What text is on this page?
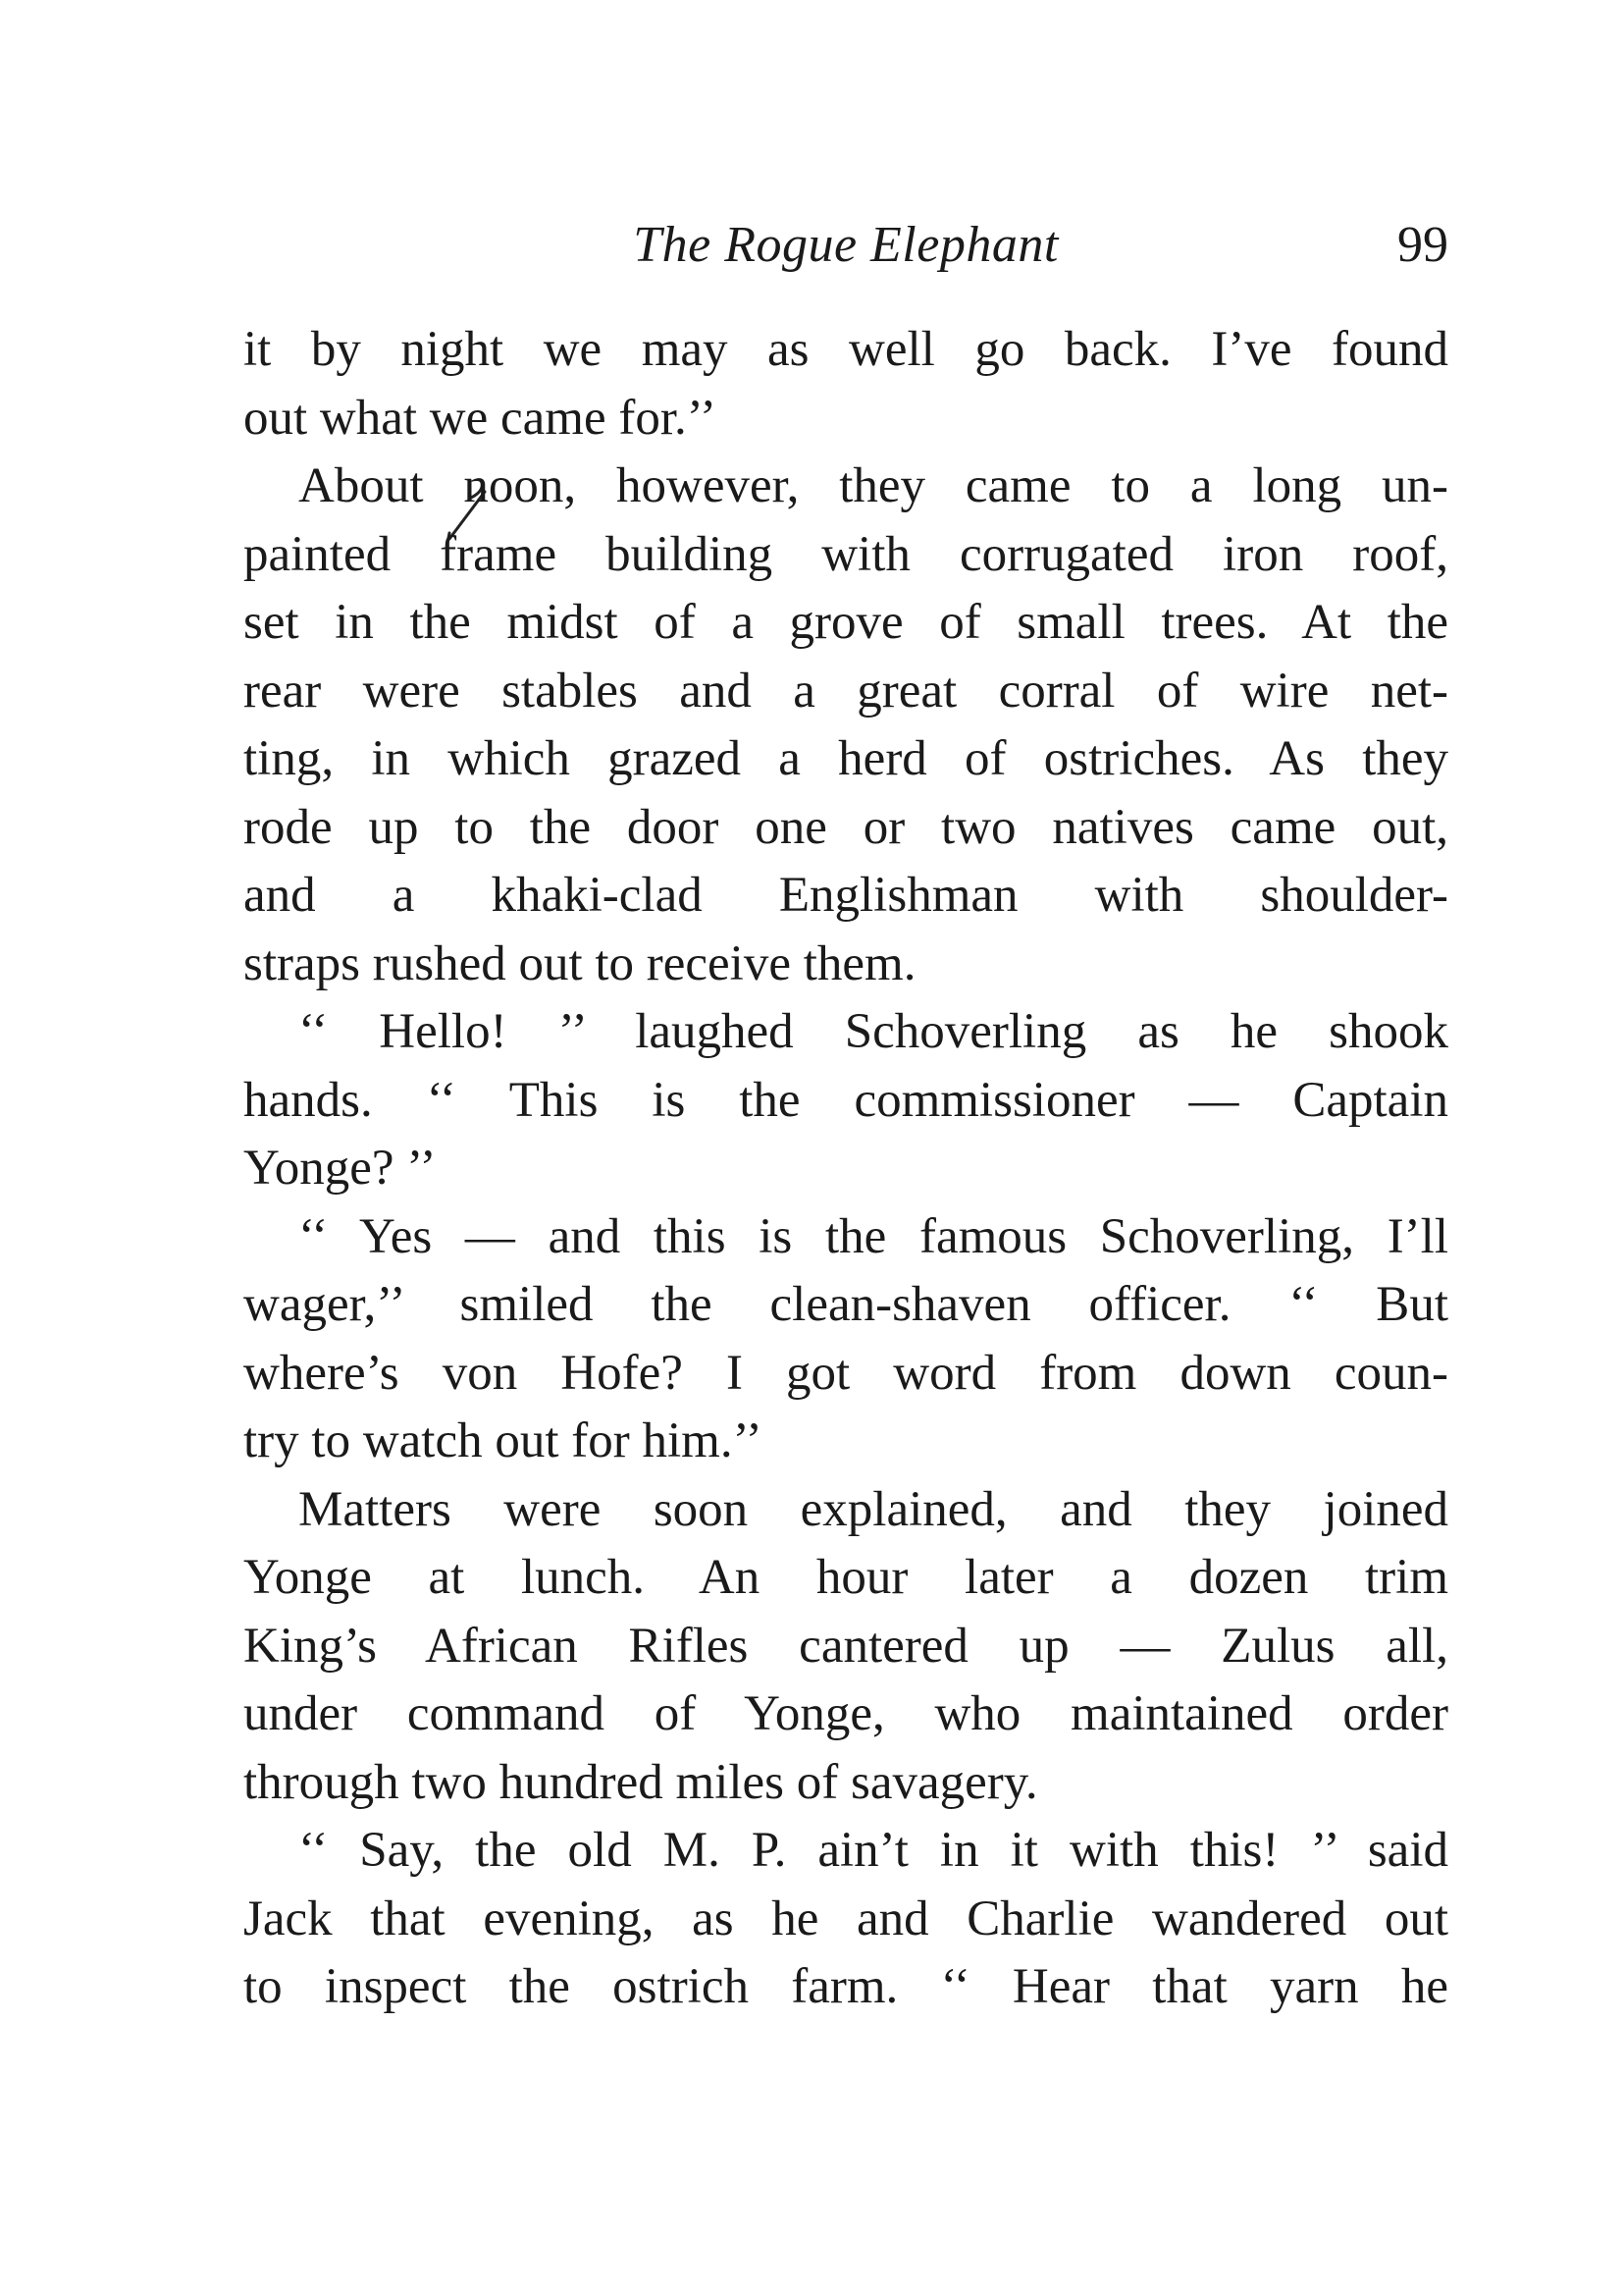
The Rogue Elephant	99

it by night we may as well go back. I’ve found
out what we came for.’’

About noon, however, they came to a long un-
painted frame building with corrugated iron roof,
set in the midst of a grove of small trees. At the
rear were stables and a great corral of wire net-
ting, in which grazed a herd of ostriches. As they
rode up to the door one or two natives came out,
and a khaki-clad Englishman with shoulder-
straps rushed out to receive them.

‘‘ Hello! ’’ laughed Schoverling as he shook
hands. ‘‘ This is the commissioner — Captain
Yonge? ’’

‘‘ Yes — and this is the famous Schoverling, I’ll
wager,’’ smiled the clean-shaven officer. ‘‘ But
where’s von Hofe? I got word from down coun-
try to watch out for him.’’

Matters were soon explained, and they joined
Yonge at lunch. An hour later a dozen trim
King’s African Rifles cantered up — Zulus all,
under command of Yonge, who maintained order
through two hundred miles of savagery.

‘‘ Say, the old M. P. ain’t in it with this! ’’ said
Jack that evening, as he and Charlie wandered out
to inspect the ostrich farm. ‘‘ Hear that yarn he
